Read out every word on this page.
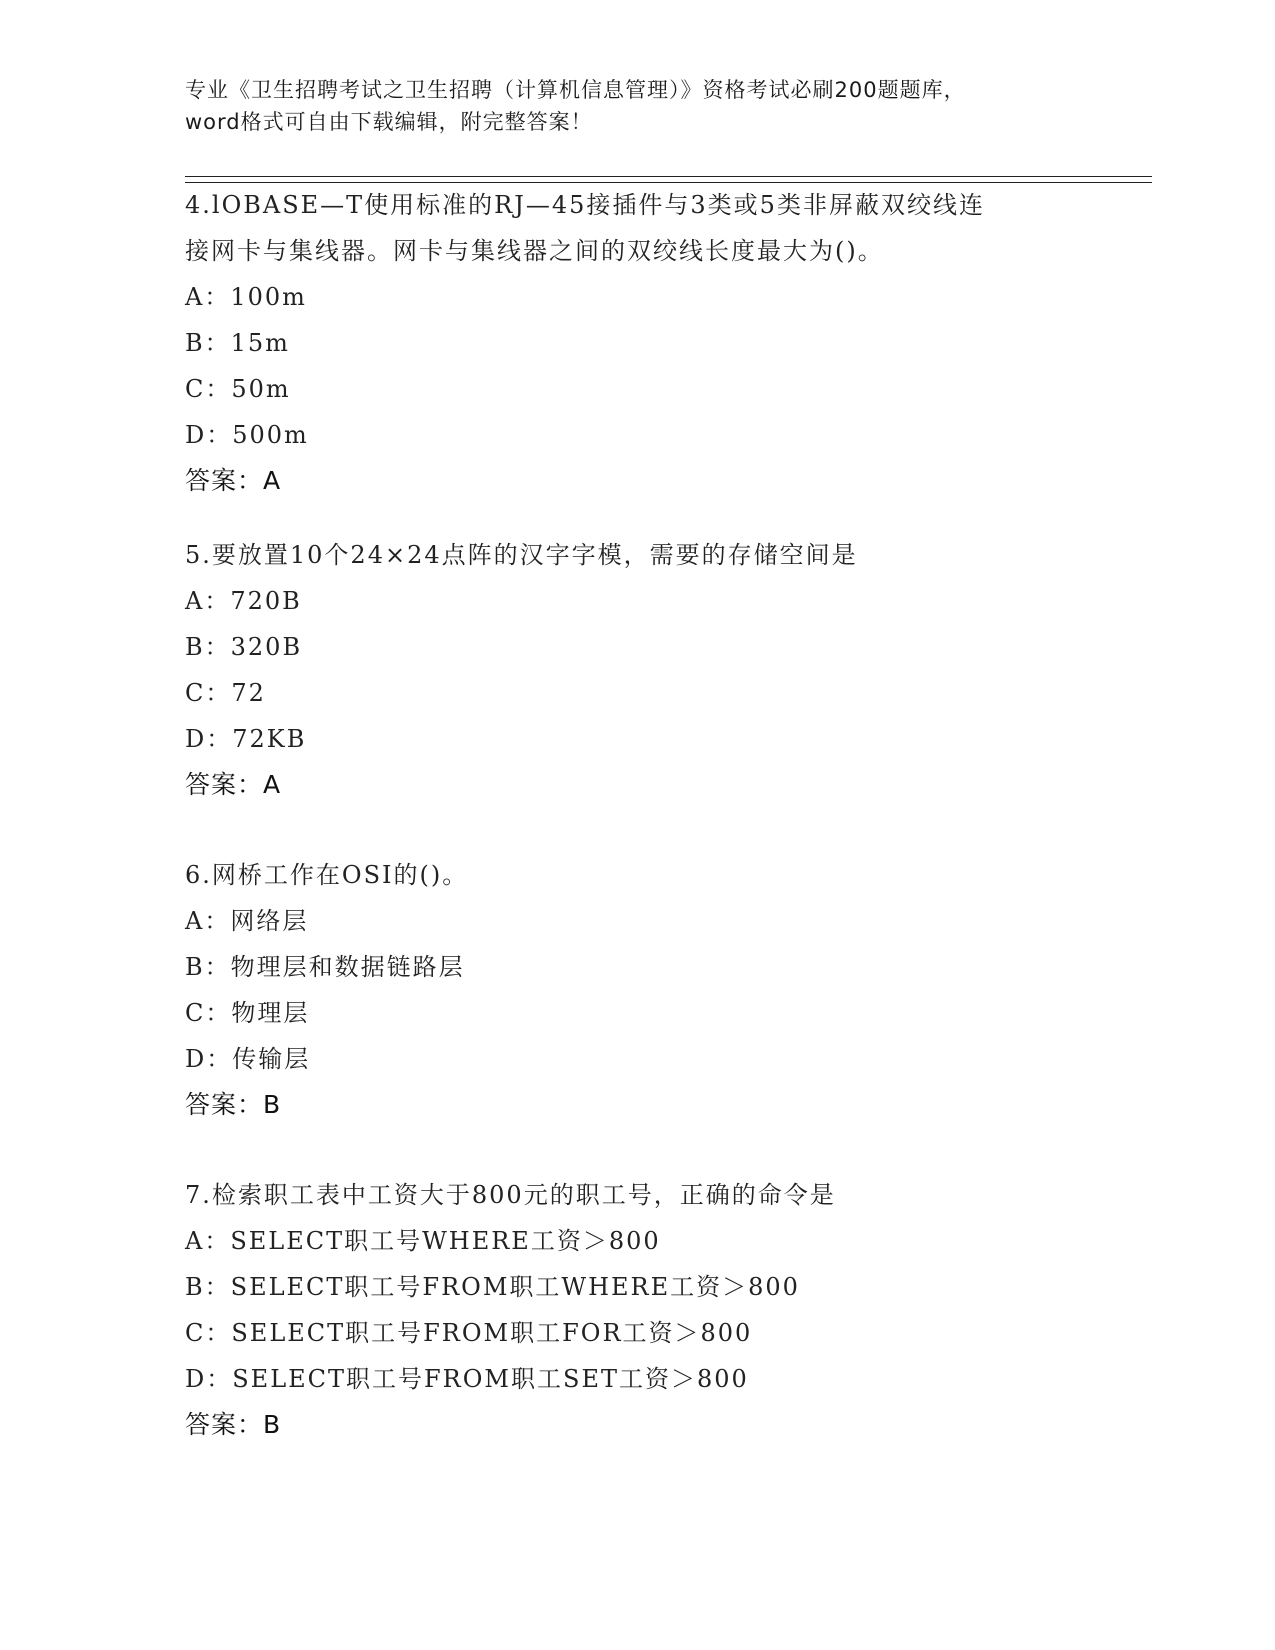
专业《卫生招聘考试之卫生招聘（计算机信息管理）》资格考试必刷200题题库，
word格式可自由下载编辑，附完整答案！
4.lOBASE—T使用标准的RJ—45接插件与3类或5类非屏蔽双绞线连
接网卡与集线器。网卡与集线器之间的双绞线长度最大为()。
A：100m
B：15m
C：50m
D：500m
答案：A
5.要放置10个24×24点阵的汉字字模，需要的存储空间是
A：720B
B：320B
C：72
D：72KB
答案：A
6.网桥工作在OSI的()。
A：网络层
B：物理层和数据链路层
C：物理层
D：传输层
答案：B
7.检索职工表中工资大于800元的职工号，正确的命令是
A：SELECT职工号WHERE工资＞800
B：SELECT职工号FROM职工WHERE工资＞800
C：SELECT职工号FROM职工FOR工资＞800
D：SELECT职工号FROM职工SET工资＞800
答案：B
